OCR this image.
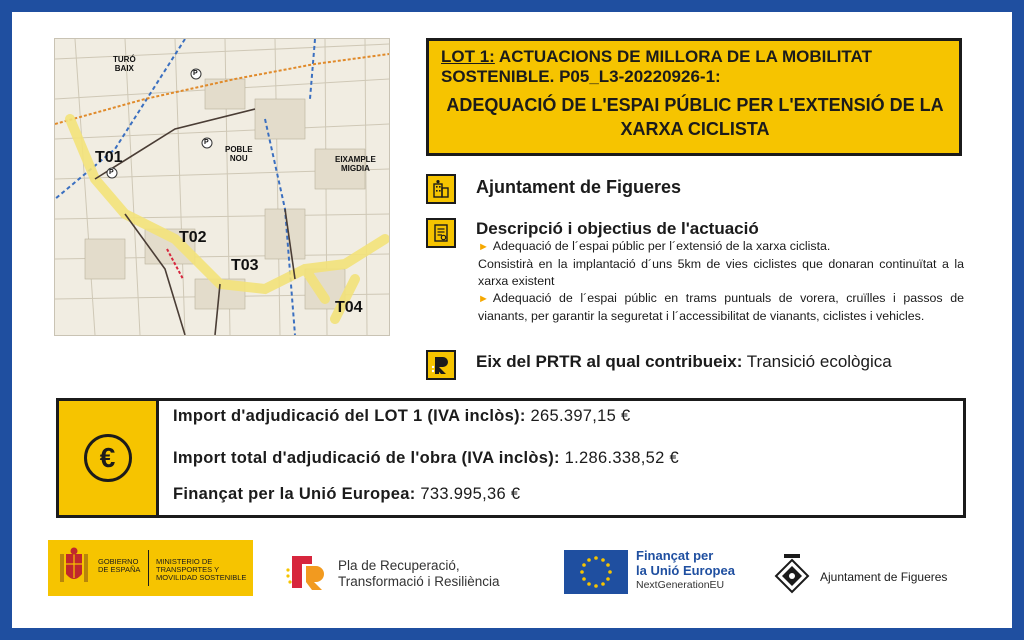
TURÓ
BAIX
POBLE
NOU	EIXAMPLE
MIGDIA
T01
T02
T03
T04
P
P
P
LOT 1: ACTUACIONS DE MILLORA DE LA MOBILITAT SOSTENIBLE. P05_L3-20220926-1:
ADEQUACIÓ DE L'ESPAI PÚBLIC PER L'EXTENSIÓ DE LA XARXA CICLISTA
Ajuntament de Figueres
Descripció i objectius de l'actuació

► Adequació de l´espai públic per l´extensió de la xarxa ciclista.

Consistirà en la implantació d´uns 5km de vies ciclistes que donaran continuïtat a la xarxa existent

► Adequació de l´espai públic en trams puntuals de vorera, cruïlles i passos de vianants, per garantir la seguretat i l´accessibilitat de vianants, ciclistes i vehicles.

Eix del PRTR al qual contribueix: Transició ecològica
€
Import d'adjudicació del LOT 1 (IVA inclòs): 265.397,15 €
Import total d'adjudicació de l'obra (IVA inclòs): 1.286.338,52 €
Finançat per la Unió Europea: 733.995,36 €
GOBIERNO DE ESPAÑA
MINISTERIO DE TRANSPORTES Y MOVILIDAD SOSTENIBLE
Pla de Recuperació,
Transformació i Resiliència
Finançat per
la Unió Europea
NextGenerationEU
Ajuntament de Figueres
